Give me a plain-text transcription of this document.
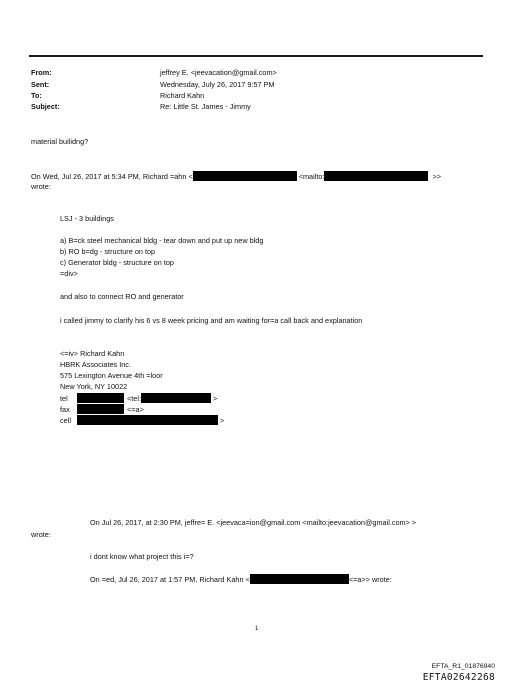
From:	jeffrey E. <jeevacation@gmail.com>
Sent:	Wednesday, July 26, 2017 9:57 PM
To:	Richard Kahn
Subject:	Re: Little St. James - Jimmy
material builidng?
On Wed, Jul 26, 2017 at 5:34 PM, Richard =ahn <	<mailto:	>>
wrote:
LSJ - 3 buildings
a) B=ck steel mechanical bldg - tear down and put up new bldg
b) RO b=dg - structure on top
c) Generator bldg - structure on top
=div>
and also to connect RO and generator
i called jimmy to clarify his 6 vs 8 week pricing and am waiting for=a call back and explanation
<=iv> Richard Kahn
HBRK Associates Inc.
575 Lexington Avenue 4th =loor
New York, NY 10022
tel	<tel:	>
fax	<=a>
cell	>
On Jul 26, 2017, at 2:30 PM, jeffre= E. <jeevaca=ion@gmail.com <mailto:jeevacation@gmail.com> >
wrote:
i dont know what project this i=?
On =ed, Jul 26, 2017 at 1:57 PM, Richard Kahn <	<=a>> wrote:
1
EFTA_R1_01876940
EFTA02642268
